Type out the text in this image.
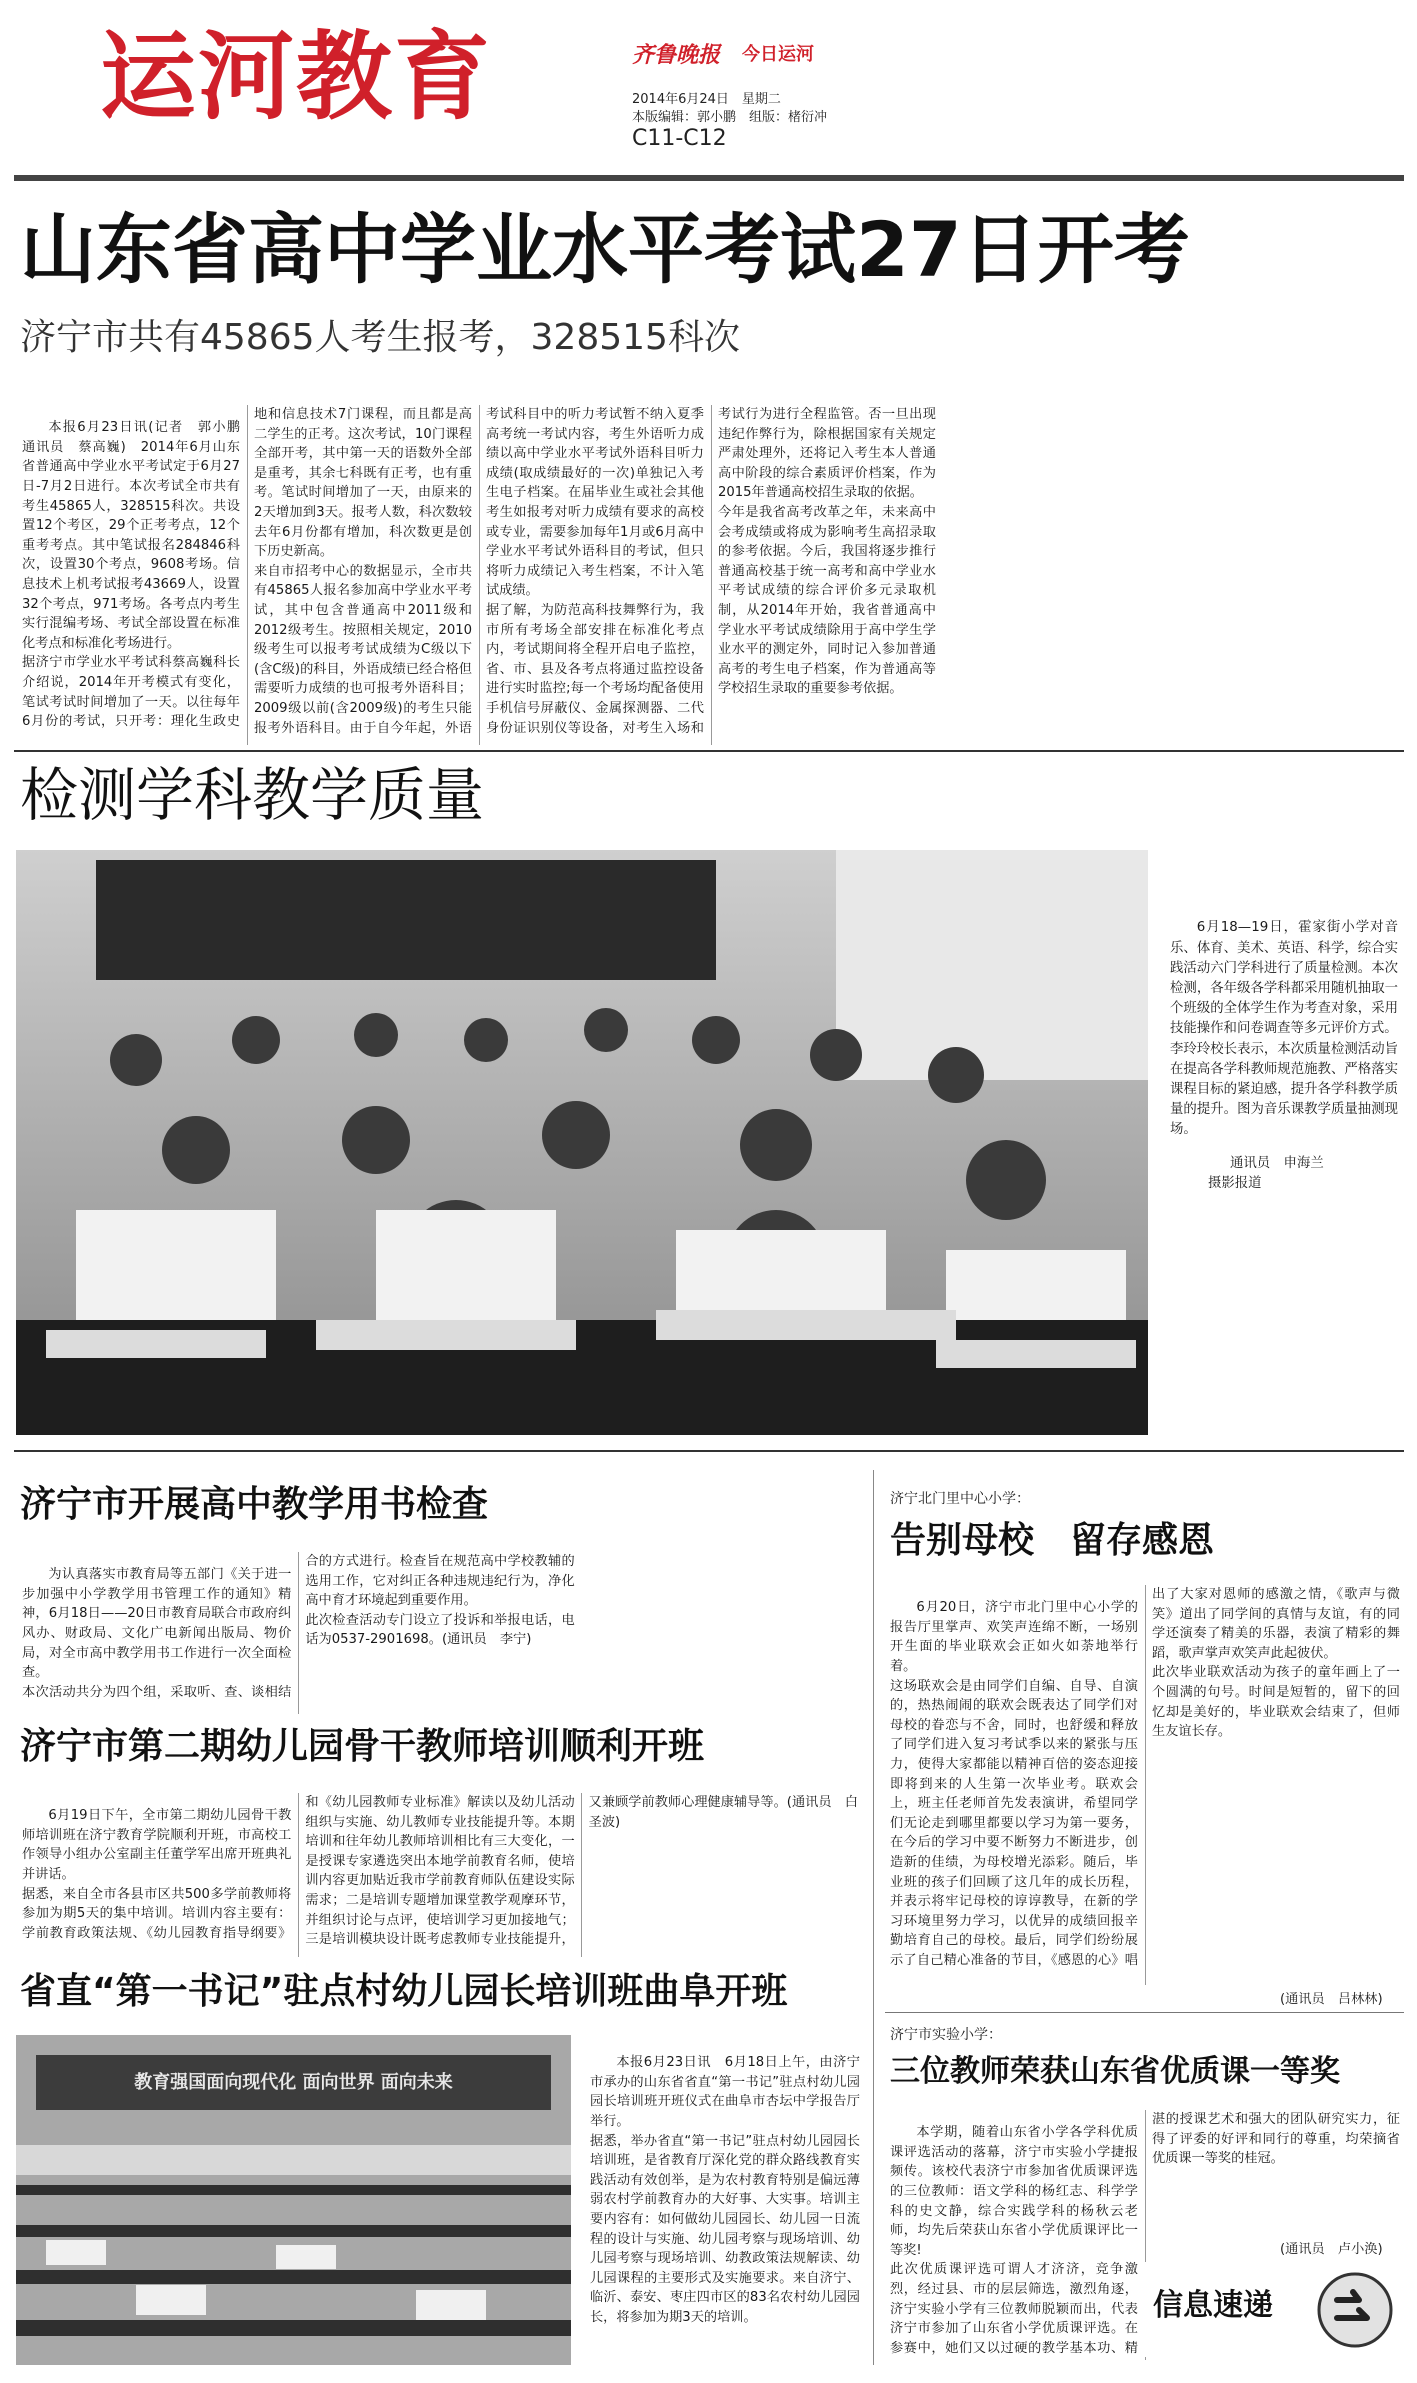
运河教育	齐鲁晚报 今日运河
2014年6月24日　星期二
本版编辑：郭小鹏　组版：楮衍冲
C11-C12
山东省高中学业水平考试27日开考
济宁市共有45865人考生报考，328515科次

本报6月23日讯(记者　郭小鹏　通讯员　蔡高巍)　2014年6月山东省普通高中学业水平考试定于6月27日-7月2日进行。本次考试全市共有考生45865人，328515科次。共设置12个考区，29个正考考点，12个重考考点。其中笔试报名284846科次，设置30个考点，9608考场。信息技术上机考试报考43669人，设置32个考点，971考场。各考点内考生实行混编考场、考试全部设置在标准化考点和标准化考场进行。
据济宁市学业水平考试科蔡高巍科长介绍说，2014年开考模式有变化，笔试考试时间增加了一天。以往每年6月份的考试，只开考：理化生政史地和信息技术7门课程，而且都是高二学生的正考。这次考试，10门课程全部开考，其中第一天的语数外全部是重考，其余七科既有正考，也有重考。笔试时间增加了一天，由原来的2天增加到3天。报考人数，科次数较去年6月份都有增加，科次数更是创下历史新高。
来自市招考中心的数据显示，全市共有45865人报名参加高中学业水平考试，其中包含普通高中2011级和2012级考生。按照相关规定，2010级考生可以报考考试成绩为C级以下(含C级)的科目，外语成绩已经合格但需要听力成绩的也可报考外语科目；2009级以前(含2009级)的考生只能报考外语科目。由于自今年起，外语考试科目中的听力考试暂不纳入夏季高考统一考试内容，考生外语听力成绩以高中学业水平考试外语科目听力成绩(取成绩最好的一次)单独记入考生电子档案。在届毕业生或社会其他考生如报考对听力成绩有要求的高校或专业，需要参加每年1月或6月高中学业水平考试外语科目的考试，但只将听力成绩记入考生档案，不计入笔试成绩。
据了解，为防范高科技舞弊行为，我市所有考场全部安排在标准化考点内，考试期间将全程开启电子监控，省、市、县及各考点将通过监控设备进行实时监控;每一个考场均配备使用手机信号屏蔽仪、金属探测器、二代身份证识别仪等设备，对考生入场和考试行为进行全程监管。否一旦出现违纪作弊行为，除根据国家有关规定严肃处理外，还将记入考生本人普通高中阶段的综合素质评价档案，作为2015年普通高校招生录取的依据。
今年是我省高考改革之年，未来高中会考成绩或将成为影响考生高招录取的参考依据。今后，我国将逐步推行普通高校基于统一高考和高中学业水平考试成绩的综合评价多元录取机制，从2014年开始，我省普通高中学业水平考试成绩除用于高中学生学业水平的测定外，同时记入参加普通高考的考生电子档案，作为普通高等学校招生录取的重要参考依据。

检测学科教学质量

6月18—19日，霍家街小学对音乐、体育、美术、英语、科学，综合实践活动六门学科进行了质量检测。本次检测，各年级各学科都采用随机抽取一个班级的全体学生作为考查对象，采用技能操作和问卷调查等多元评价方式。
李玲玲校长表示，本次质量检测活动旨在提高各学科教师规范施教、严格落实课程目标的紧迫感，提升各学科教学质量的提升。图为音乐课教学质量抽测现场。

通讯员　申海兰
摄影报道
济宁市开展高中教学用书检查

为认真落实市教育局等五部门《关于进一步加强中小学教学用书管理工作的通知》精神，6月18日——20日市教育局联合市政府纠风办、财政局、文化广电新闻出版局、物价局，对全市高中教学用书工作进行一次全面检查。
本次活动共分为四个组，采取听、查、谈相结合的方式进行。检查旨在规范高中学校教辅的选用工作，它对纠正各种违规违纪行为，净化高中育才环境起到重要作用。
此次检查活动专门设立了投诉和举报电话，电话为0537-2901698。(通讯员　李宁)

济宁市第二期幼儿园骨干教师培训顺利开班

6月19日下午，全市第二期幼儿园骨干教师培训班在济宁教育学院顺利开班，市高校工作领导小组办公室副主任董学军出席开班典礼并讲话。
据悉，来自全市各县市区共500多学前教师将参加为期5天的集中培训。培训内容主要有：学前教育政策法规、《幼儿园教育指导纲要》和《幼儿园教师专业标准》解读以及幼儿活动组织与实施、幼儿教师专业技能提升等。本期培训和往年幼儿教师培训相比有三大变化，一是授课专家遴选突出本地学前教育名师，使培训内容更加贴近我市学前教育师队伍建设实际需求；二是培训专题增加课堂教学观摩环节，并组织讨论与点评，使培训学习更加接地气；三是培训模块设计既考虑教师专业技能提升，又兼顾学前教师心理健康辅导等。(通讯员　白圣波)

省直“第一书记”驻点村幼儿园长培训班曲阜开班
教育强国面向现代化 面向世界 面向未来

本报6月23日讯　6月18日上午，由济宁市承办的山东省省直“第一书记”驻点村幼儿园园长培训班开班仪式在曲阜市杏坛中学报告厅举行。
据悉，举办省直“第一书记”驻点村幼儿园园长培训班，是省教育厅深化党的群众路线教育实践活动有效创举，是为农村教育特别是偏远薄弱农村学前教育办的大好事、大实事。培训主要内容有：如何做幼儿园园长、幼儿园一日流程的设计与实施、幼儿园考察与现场培训、幼儿园考察与现场培训、幼教政策法规解读、幼儿园课程的主要形式及实施要求。来自济宁、临沂、泰安、枣庄四市区的83名农村幼儿园园长，将参加为期3天的培训。

济宁北门里中心小学：
告别母校　留存感恩

6月20日，济宁市北门里中心小学的报告厅里掌声、欢笑声连绵不断，一场别开生面的毕业联欢会正如火如荼地举行着。
这场联欢会是由同学们自编、自导、自演的，热热闹闹的联欢会既表达了同学们对母校的眷恋与不舍，同时，也舒缓和释放了同学们进入复习考试季以来的紧张与压力，使得大家都能以精神百倍的姿态迎接即将到来的人生第一次毕业考。联欢会上，班主任老师首先发表演讲，希望同学们无论走到哪里都要以学习为第一要务，在今后的学习中要不断努力不断进步，创造新的佳绩，为母校增光添彩。随后，毕业班的孩子们回顾了这几年的成长历程，并表示将牢记母校的谆谆教导，在新的学习环境里努力学习，以优异的成绩回报辛勤培育自己的母校。最后，同学们纷纷展示了自己精心准备的节目，《感恩的心》唱出了大家对恩师的感激之情，《歌声与微笑》道出了同学间的真情与友谊，有的同学还演奏了精美的乐器，表演了精彩的舞蹈，歌声掌声欢笑声此起彼伏。
此次毕业联欢活动为孩子的童年画上了一个圆满的句号。时间是短暂的，留下的回忆却是美好的，毕业联欢会结束了，但师生友谊长存。

(通讯员　吕林林)
济宁市实验小学：
三位教师荣获山东省优质课一等奖

本学期，随着山东省小学各学科优质课评选活动的落幕，济宁市实验小学捷报频传。该校代表济宁市参加省优质课评选的三位教师：语文学科的杨红志、科学学科的史文静，综合实践学科的杨秋云老师，均先后荣获山东省小学优质课评比一等奖!
此次优质课评选可谓人才济济，竞争激烈，经过县、市的层层筛选，激烈角逐，济宁实验小学有三位教师脱颖而出，代表济宁市参加了山东省小学优质课评选。在参赛中，她们又以过硬的教学基本功、精湛的授课艺术和强大的团队研究实力，征得了评委的好评和同行的尊重，均荣摘省优质课一等奖的桂冠。

(通讯员　卢小涣)
信息速递
